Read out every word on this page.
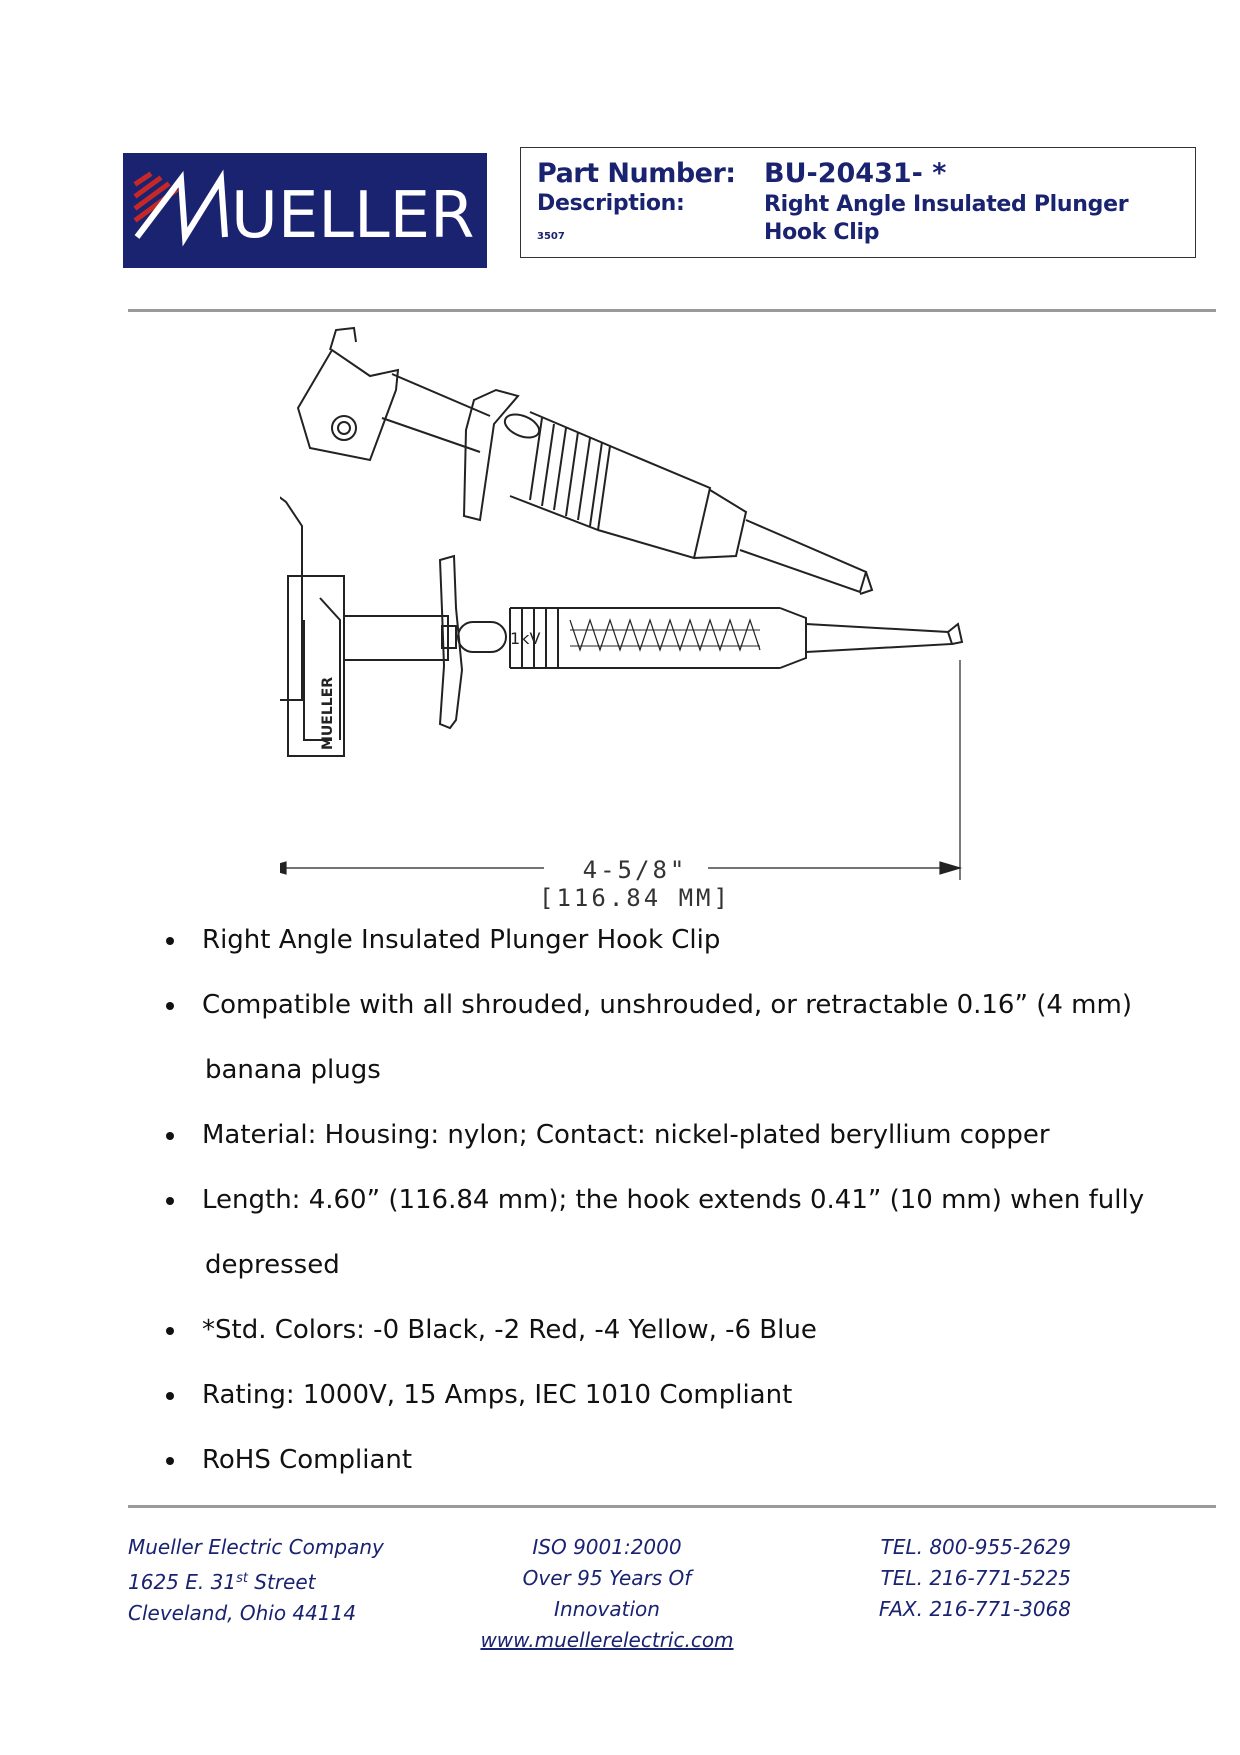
UELLER
Part Number: BU-20431- *
Description:	Right Angle Insulated Plunger Hook Clip
3507
1kV
MUELLER
4-5/8"
[116.84 MM]
Right Angle Insulated Plunger Hook Clip
Compatible with all shrouded, unshrouded, or retractable 0.16” (4 mm)
banana plugs
Material: Housing: nylon; Contact: nickel-plated beryllium copper
Length: 4.60” (116.84 mm); the hook extends 0.41” (10 mm) when fully
depressed
*Std. Colors: -0 Black, -2 Red, -4 Yellow, -6 Blue
Rating: 1000V, 15 Amps, IEC 1010 Compliant
RoHS Compliant
Mueller Electric Company
1625 E. 31st Street
Cleveland, Ohio 44114
ISO 9001:2000
Over 95 Years Of Innovation
www.muellerelectric.com
TEL. 800-955-2629
TEL. 216-771-5225
FAX. 216-771-3068
